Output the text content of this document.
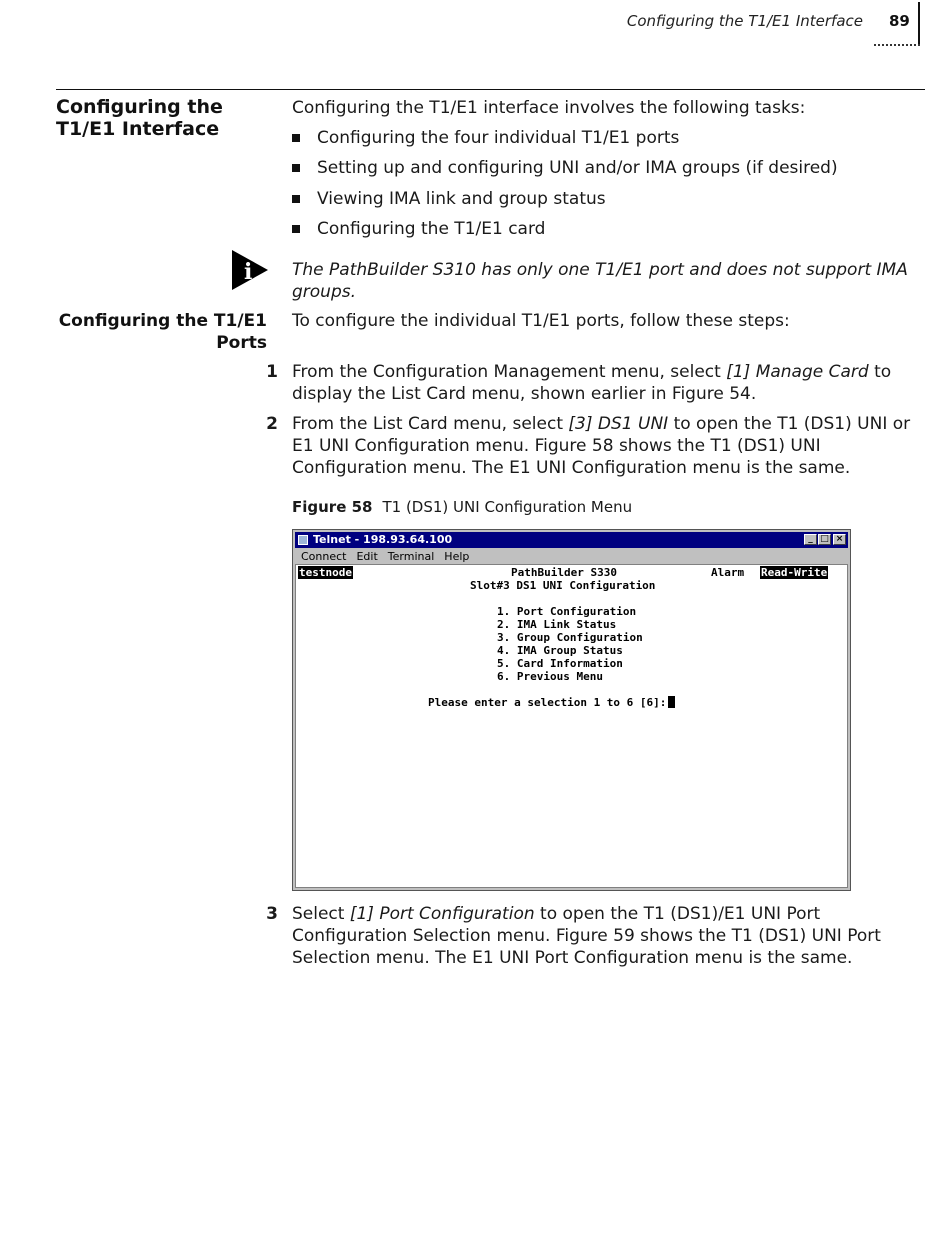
Configuring the T1/E1 Interface 89
Configuring the T1/E1 Interface
Configuring the T1/E1 interface involves the following tasks:
Configuring the four individual T1/E1 ports
Setting up and configuring UNI and/or IMA groups (if desired)
Viewing IMA link and group status
Configuring the T1/E1 card
i The PathBuilder S310 has only one T1/E1 port and does not support IMA groups.
Configuring the T1/E1 Ports
To configure the individual T1/E1 ports, follow these steps:
1 From the Configuration Management menu, select [1] Manage Card to display the List Card menu, shown earlier in Figure 54.
2 From the List Card menu, select [3] DS1 UNI to open the T1 (DS1) UNI or E1 UNI Configuration menu. Figure 58 shows the T1 (DS1) UNI Configuration menu. The E1 UNI Configuration menu is the same.
Figure 58 T1 (DS1) UNI Configuration Menu
Telnet - 198.93.64.100	_ □ ×
Connect Edit Terminal Help
testnode	PathBuilder S330	Alarm Read-Write
Slot#3 DS1 UNI Configuration
1. Port Configuration
2. IMA Link Status
3. Group Configuration
4. IMA Group Status
5. Card Information
6. Previous Menu
Please enter a selection 1 to 6 [6]:
3 Select [1] Port Configuration to open the T1 (DS1)/E1 UNI Port Configuration Selection menu. Figure 59 shows the T1 (DS1) UNI Port Selection menu. The E1 UNI Port Configuration menu is the same.
